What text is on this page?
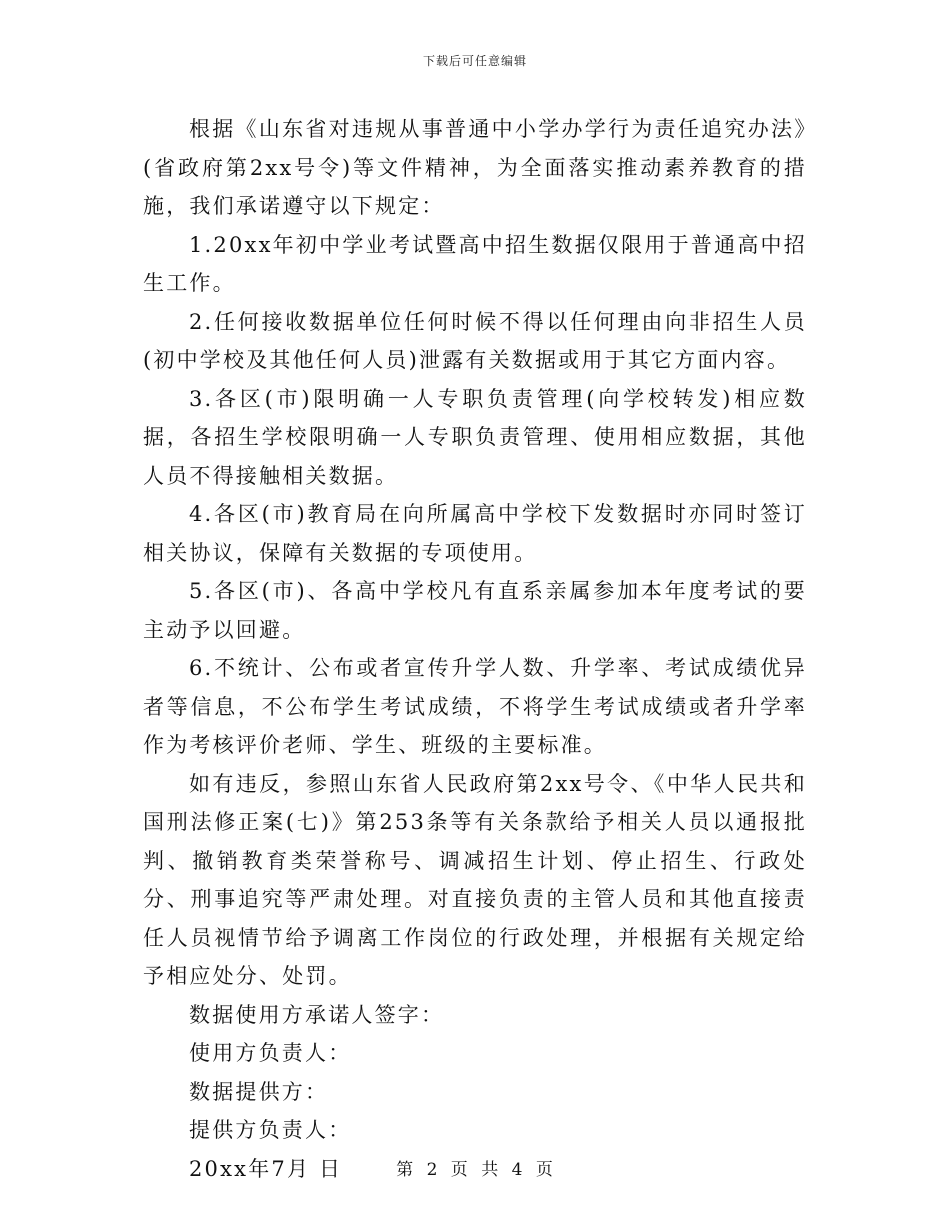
下载后可任意编辑

根据《山东省对违规从事普通中小学办学行为责任追究办法》(省政府第2xx号令)等文件精神，为全面落实推动素养教育的措施，我们承诺遵守以下规定：

1.20xx年初中学业考试暨高中招生数据仅限用于普通高中招生工作。

2.任何接收数据单位任何时候不得以任何理由向非招生人员(初中学校及其他任何人员)泄露有关数据或用于其它方面内容。

3.各区(市)限明确一人专职负责管理(向学校转发)相应数据，各招生学校限明确一人专职负责管理、使用相应数据，其他人员不得接触相关数据。

4.各区(市)教育局在向所属高中学校下发数据时亦同时签订相关协议，保障有关数据的专项使用。

5.各区(市)、各高中学校凡有直系亲属参加本年度考试的要主动予以回避。

6.不统计、公布或者宣传升学人数、升学率、考试成绩优异者等信息，不公布学生考试成绩，不将学生考试成绩或者升学率作为考核评价老师、学生、班级的主要标准。

如有违反，参照山东省人民政府第2xx号令、《中华人民共和国刑法修正案(七)》第253条等有关条款给予相关人员以通报批判、撤销教育类荣誉称号、调减招生计划、停止招生、行政处分、刑事追究等严肃处理。对直接负责的主管人员和其他直接责任人员视情节给予调离工作岗位的行政处理，并根据有关规定给予相应处分、处罚。

数据使用方承诺人签字：

使用方负责人：

数据提供方：

提供方负责人：

20xx年7月 日	第 2 页 共 4 页
